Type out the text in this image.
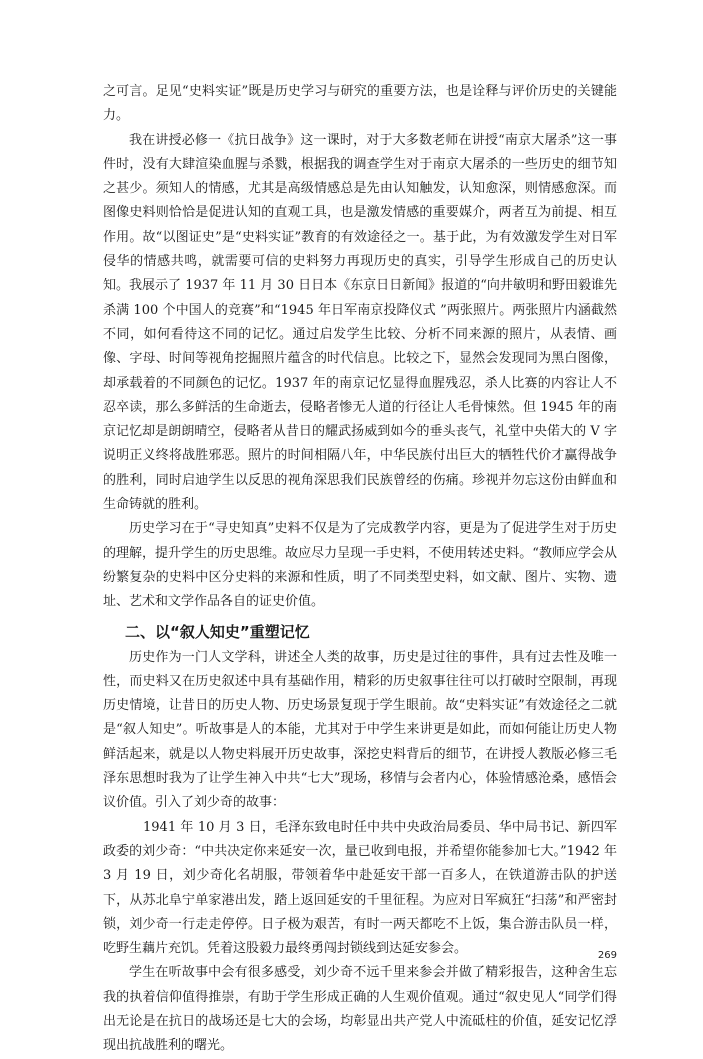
之可言。足见“史料实证”既是历史学习与研究的重要方法，也是诠释与评价历史的关键能力。

我在讲授必修一《抗日战争》这一课时，对于大多数老师在讲授“南京大屠杀”这一事件时，没有大肆渲染血腥与杀戮，根据我的调查学生对于南京大屠杀的一些历史的细节知之甚少。须知人的情感，尤其是高级情感总是先由认知触发，认知愈深，则情感愈深。而图像史料则恰恰是促进认知的直观工具，也是激发情感的重要媒介，两者互为前提、相互作用。故“以图证史”是“史料实证”教育的有效途径之一。基于此，为有效激发学生对日军侵华的情感共鸣，就需要可信的史料努力再现历史的真实，引导学生形成自己的历史认知。我展示了 1937 年 11 月 30 日日本《东京日日新闻》报道的“向井敏明和野田毅谁先杀满 100 个中国人的竞赛”和“1945 年日军南京投降仪式 ”两张照片。两张照片内涵截然不同，如何看待这不同的记忆。通过启发学生比较、分析不同来源的照片，从表情、画像、字母、时间等视角挖掘照片蕴含的时代信息。比较之下，显然会发现同为黑白图像，却承载着的不同颜色的记忆。1937 年的南京记忆显得血腥残忍，杀人比赛的内容让人不忍卒读，那么多鲜活的生命逝去，侵略者惨无人道的行径让人毛骨悚然。但 1945 年的南京记忆却是朗朗晴空，侵略者从昔日的耀武扬威到如今的垂头丧气，礼堂中央偌大的 V 字说明正义终将战胜邪恶。照片的时间相隔八年，中华民族付出巨大的牺牲代价才赢得战争的胜利，同时启迪学生以反思的视角深思我们民族曾经的伤痛。珍视并勿忘这份由鲜血和生命铸就的胜利。

历史学习在于“寻史知真”史料不仅是为了完成教学内容，更是为了促进学生对于历史的理解，提升学生的历史思维。故应尽力呈现一手史料，不使用转述史料。“教师应学会从纷繁复杂的史料中区分史料的来源和性质，明了不同类型史料，如文献、图片、实物、遗址、艺术和文学作品各自的证史价值。

二、以“叙人知史”重塑记忆

历史作为一门人文学科，讲述全人类的故事，历史是过往的事件，具有过去性及唯一性，而史料又在历史叙述中具有基础作用，精彩的历史叙事往往可以打破时空限制，再现历史情境，让昔日的历史人物、历史场景复现于学生眼前。故“史料实证”有效途径之二就是“叙人知史”。听故事是人的本能，尤其对于中学生来讲更是如此，而如何能让历史人物鲜活起来，就是以人物史料展开历史故事，深挖史料背后的细节，在讲授人教版必修三毛泽东思想时我为了让学生神入中共“七大”现场，移情与会者内心，体验情感沧桑，感悟会议价值。引入了刘少奇的故事：

1941 年 10 月 3 日，毛泽东致电时任中共中央政治局委员、华中局书记、新四军政委的刘少奇：“中共决定你来延安一次，量已收到电报，并希望你能参加七大。”1942 年 3 月 19 日，刘少奇化名胡服，带领着华中赴延安干部一百多人，在铁道游击队的护送下，从苏北阜宁单家港出发，踏上返回延安的千里征程。为应对日军疯狂“扫荡”和严密封锁，刘少奇一行走走停停。日子极为艰苦，有时一两天都吃不上饭，集合游击队员一样，吃野生藕片充饥。凭着这股毅力最终勇闯封锁线到达延安参会。

学生在听故事中会有很多感受，刘少奇不远千里来参会并做了精彩报告，这种舍生忘我的执着信仰值得推崇，有助于学生形成正确的人生观价值观。通过“叙史见人“同学们得出无论是在抗日的战场还是七大的会场，均彰显出共产党人中流砥柱的价值，延安记忆浮现出抗战胜利的曙光。

269
